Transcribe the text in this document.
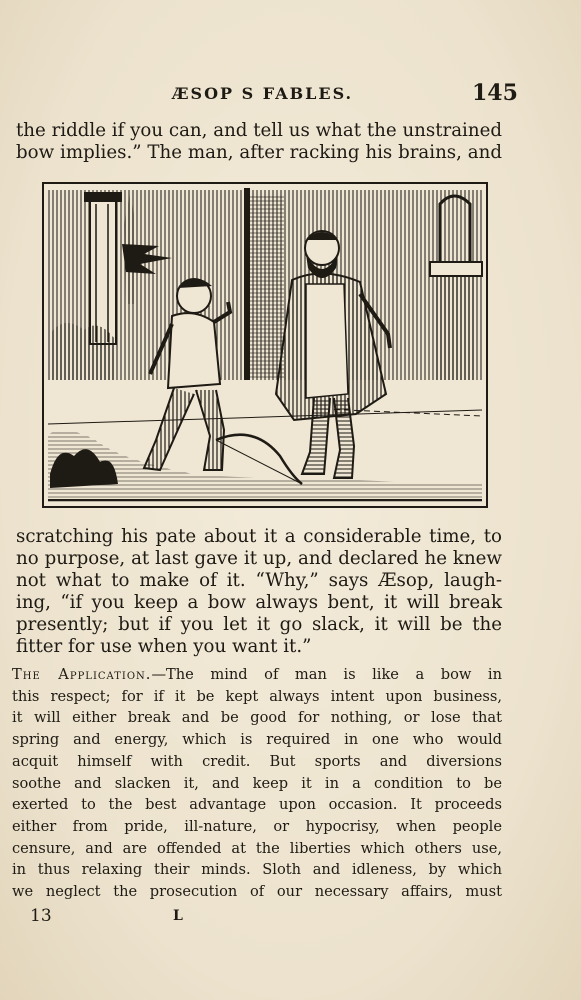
ÆSOP S FABLES.	145
the riddle if you can, and tell us what the unstrained
bow implies.” The man, after racking his brains, and
scratching his pate about it a considerable time, to
no purpose, at last gave it up, and declared he knew
not what to make of it. “Why,” says Æsop, laugh-
ing, “if you keep a bow always bent, it will break
presently; but if you let it go slack, it will be the
fitter for use when you want it.”
The Application.—The mind of man is like a bow in
this respect; for if it be kept always intent upon business,
it will either break and be good for nothing, or lose that
spring and energy, which is required in one who would
acquit himself with credit. But sports and diversions
soothe and slacken it, and keep it in a condition to be
exerted to the best advantage upon occasion. It proceeds
either from pride, ill-nature, or hypocrisy, when people
censure, and are offended at the liberties which others use,
in thus relaxing their minds. Sloth and idleness, by which
we neglect the prosecution of our necessary affairs, must
13	L
